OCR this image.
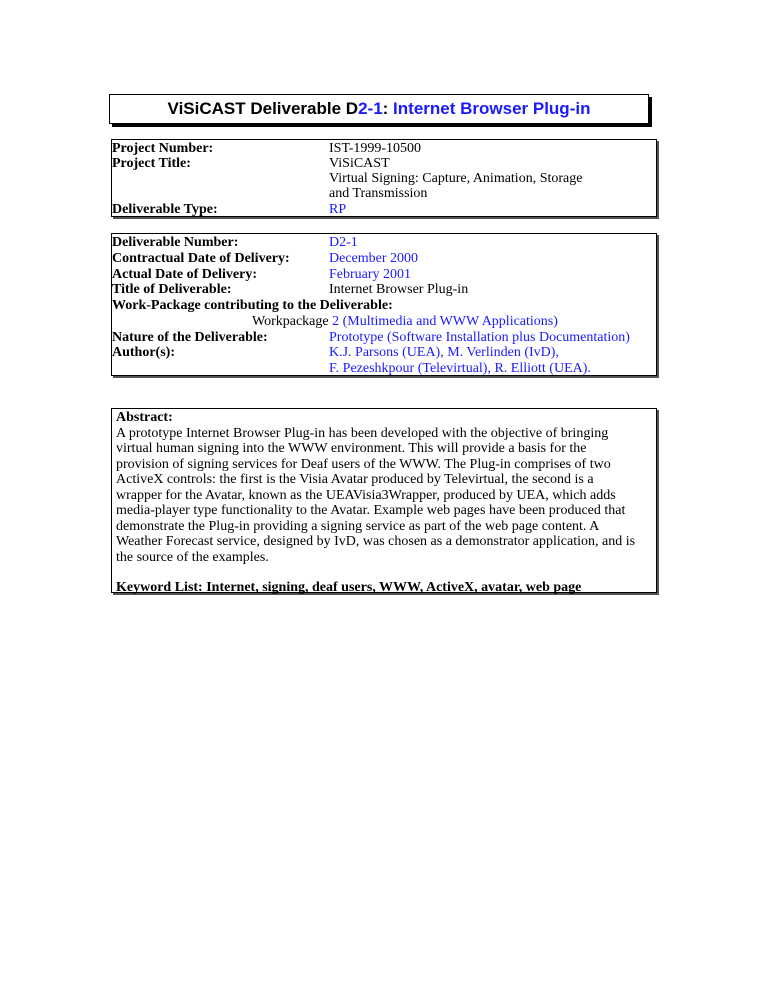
ViSiCAST Deliverable D 2-1 : Internet Browser Plug-in
Project Number:	IST-1999-10500
Project Title:	ViSiCAST
Virtual Signing: Capture, Animation, Storage
and Transmission
Deliverable Type:	RP
Deliverable Number:	D2-1
Contractual Date of Delivery:	December 2000
Actual Date of Delivery:	February 2001
Title of Deliverable:	Internet Browser Plug-in
Work-Package contributing to the Deliverable:
Workpackage 2 (Multimedia and WWW Applications)
Nature of the Deliverable:	Prototype (Software Installation plus Documentation)
Author(s):	K.J. Parsons (UEA), M. Verlinden (IvD),
F. Pezeshkpour (Televirtual), R. Elliott (UEA).

Abstract:

A prototype Internet Browser Plug-in has been developed with the objective of bringing

virtual human signing into the WWW environment. This will provide a basis for the

provision of signing services for Deaf users of the WWW. The Plug-in comprises of two

ActiveX controls: the first is the Visia Avatar produced by Televirtual, the second is a

wrapper for the Avatar, known as the UEAVisia3Wrapper, produced by UEA, which adds

media-player type functionality to the Avatar. Example web pages have been produced that

demonstrate the Plug-in providing a signing service as part of the web page content. A

Weather Forecast service, designed by IvD, was chosen as a demonstrator application, and is

the source of the examples.

Keyword List: Internet, signing, deaf users, WWW, ActiveX, avatar, web page
